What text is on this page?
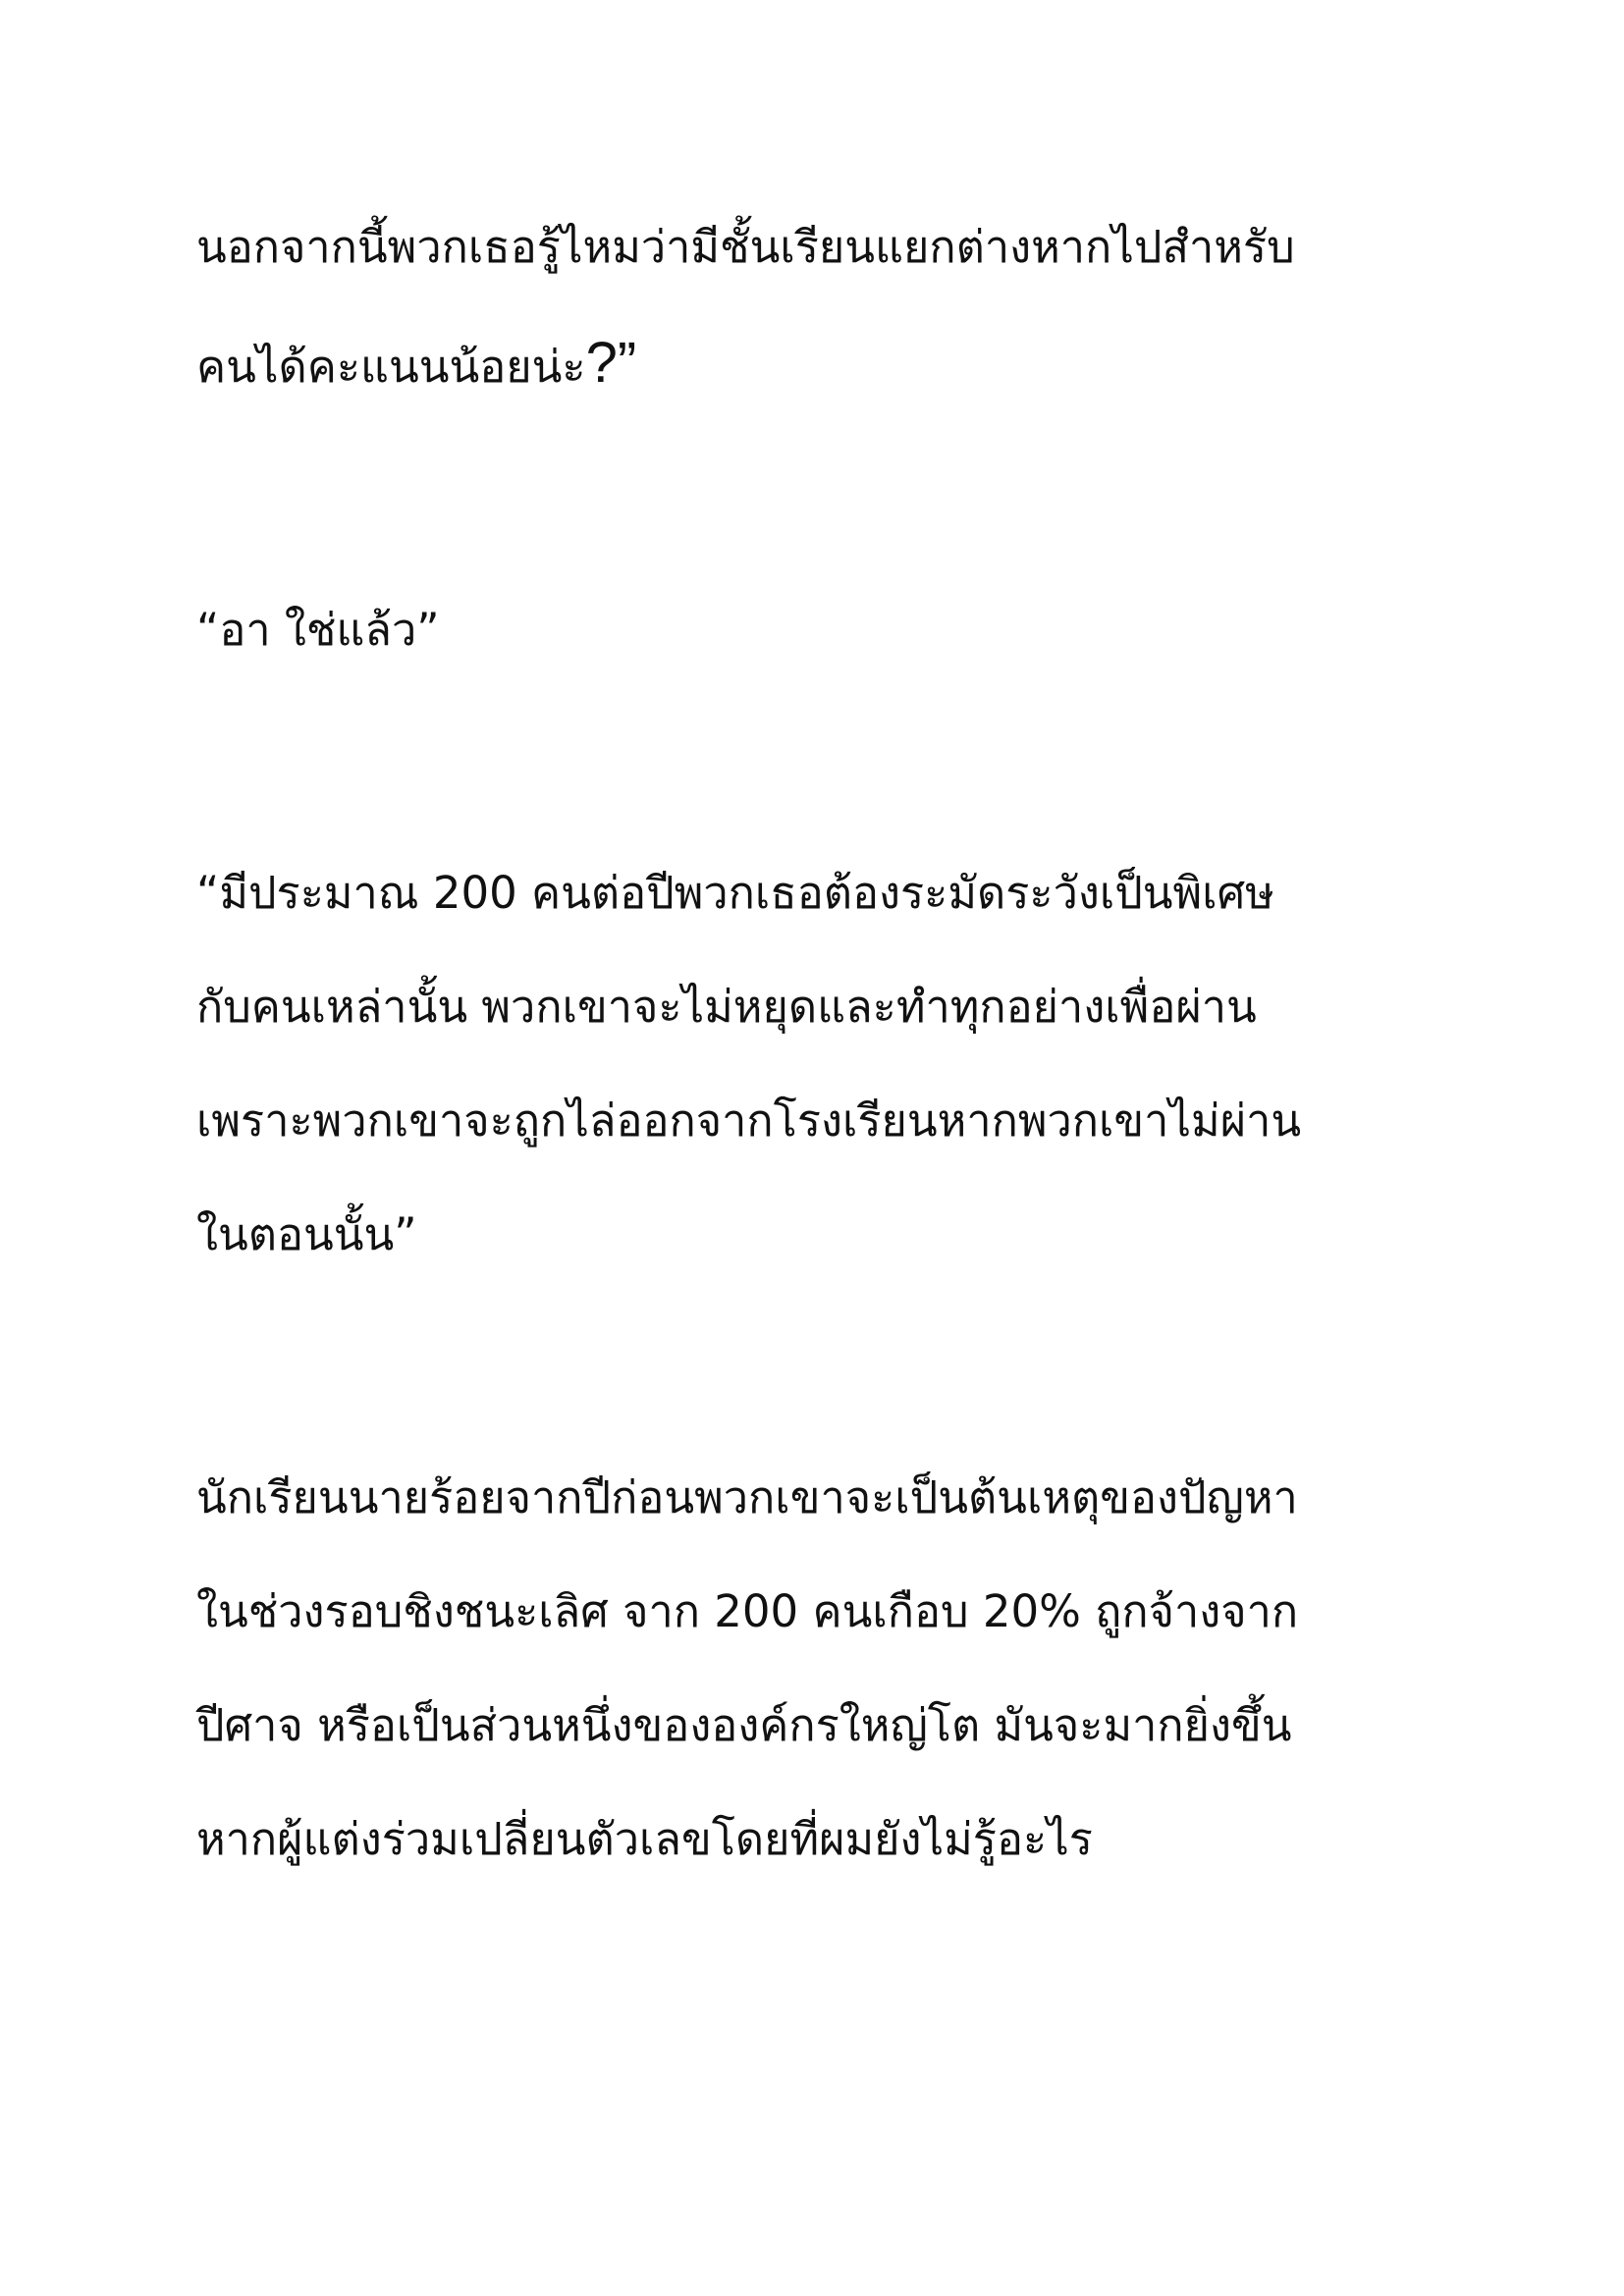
นอกจากนี้พวกเธอรู้ไหมว่ามีชั้นเรียนแยกต่างหากไปสำหรับ

คนได้คะแนนน้อยน่ะ?”

“อา ใช่แล้ว”

“มีประมาณ 200 คนต่อปีพวกเธอต้องระมัดระวังเป็นพิเศษ

กับคนเหล่านั้น พวกเขาจะไม่หยุดและทำทุกอย่างเพื่อผ่าน

เพราะพวกเขาจะถูกไล่ออกจากโรงเรียนหากพวกเขาไม่ผ่าน

ในตอนนั้น”

นักเรียนนายร้อยจากปีก่อนพวกเขาจะเป็นต้นเหตุของปัญหา

ในช่วงรอบชิงชนะเลิศ จาก 200 คนเกือบ 20% ถูกจ้างจาก

ปีศาจ หรือเป็นส่วนหนึ่งขององค์กรใหญ่โต มันจะมากยิ่งขึ้น

หากผู้แต่งร่วมเปลี่ยนตัวเลขโดยที่ผมยังไม่รู้อะไร
